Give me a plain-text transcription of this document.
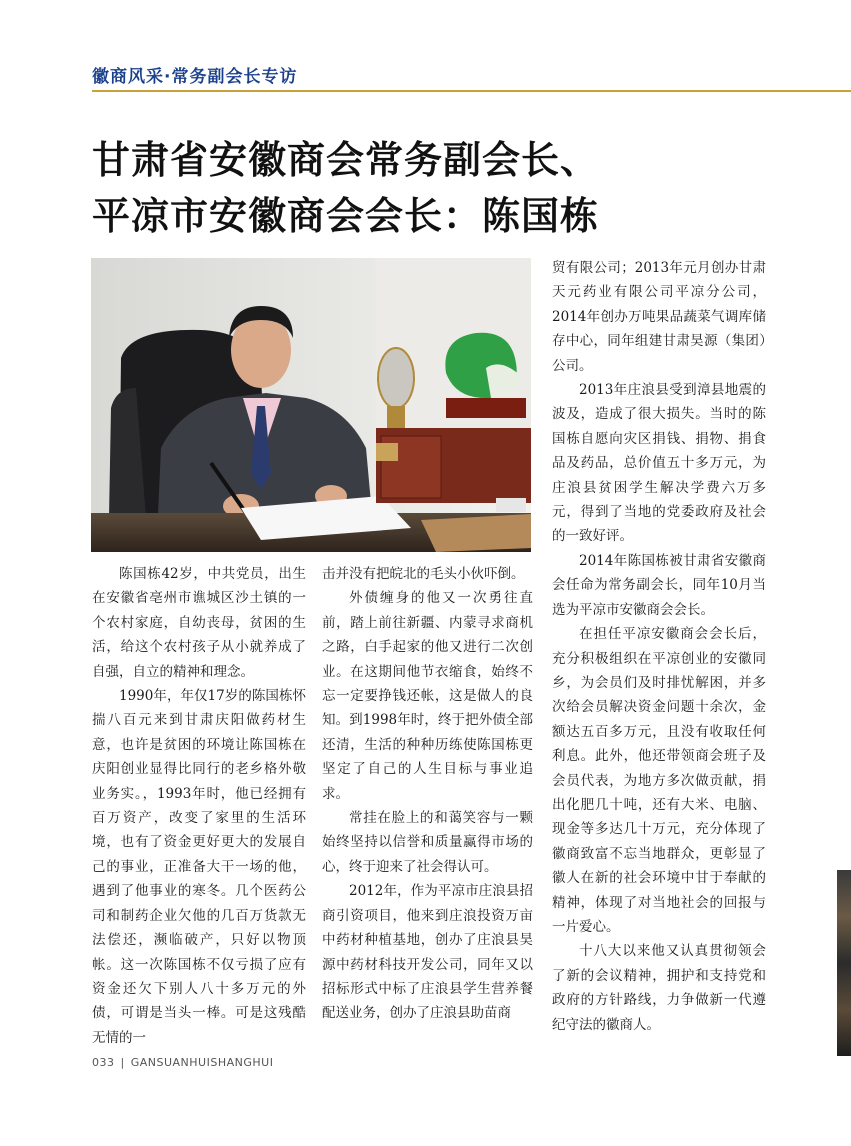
徽商风采·常务副会长专访
甘肃省安徽商会常务副会长、
平凉市安徽商会会长：陈国栋

陈国栋42岁，中共党员，出生在安徽省亳州市谯城区沙土镇的一个农村家庭，自幼丧母，贫困的生活，给这个农村孩子从小就养成了自强，自立的精神和理念。

1990年，年仅17岁的陈国栋怀揣八百元来到甘肃庆阳做药材生意，也许是贫困的环境让陈国栋在庆阳创业显得比同行的老乡格外敬业务实。，1993年时，他已经拥有百万资产，改变了家里的生活环境，也有了资金更好更大的发展自己的事业，正准备大干一场的他，遇到了他事业的寒冬。几个医药公司和制药企业欠他的几百万货款无法偿还，濒临破产，只好以物顶帐。这一次陈国栋不仅亏损了应有资金还欠下别人八十多万元的外债，可谓是当头一棒。可是这残酷无情的一

击并没有把皖北的毛头小伙吓倒。

外债缠身的他又一次勇往直前，踏上前往新疆、内蒙寻求商机之路，白手起家的他又进行二次创业。在这期间他节衣缩食，始终不忘一定要挣钱还帐，这是做人的良知。到1998年时，终于把外债全部还清，生活的种种历练使陈国栋更坚定了自己的人生目标与事业追求。

常挂在脸上的和蔼笑容与一颗始终坚持以信誉和质量赢得市场的心，终于迎来了社会得认可。

2012年，作为平凉市庄浪县招商引资项目，他来到庄浪投资万亩中药材种植基地，创办了庄浪县昊源中药材科技开发公司，同年又以招标形式中标了庄浪县学生营养餐配送业务，创办了庄浪县助苗商

贸有限公司；2013年元月创办甘肃天元药业有限公司平凉分公司，2014年创办万吨果品蔬菜气调库储存中心，同年组建甘肃昊源（集团）公司。

2013年庄浪县受到漳县地震的波及，造成了很大损失。当时的陈国栋自愿向灾区捐钱、捐物、捐食品及药品，总价值五十多万元，为庄浪县贫困学生解决学费六万多元，得到了当地的党委政府及社会的一致好评。

2014年陈国栋被甘肃省安徽商会任命为常务副会长，同年10月当选为平凉市安徽商会会长。

在担任平凉安徽商会会长后，充分积极组织在平凉创业的安徽同乡，为会员们及时排忧解困，并多次给会员解决资金问题十余次，金额达五百多万元，且没有收取任何利息。此外，他还带领商会班子及会员代表，为地方多次做贡献，捐出化肥几十吨，还有大米、电脑、现金等多达几十万元，充分体现了徽商致富不忘当地群众，更彰显了徽人在新的社会环境中甘于奉献的精神，体现了对当地社会的回报与一片爱心。

十八大以来他又认真贯彻领会了新的会议精神，拥护和支持党和政府的方针路线，力争做新一代遵纪守法的徽商人。

033 | GANSUANHUISHANGHUI
